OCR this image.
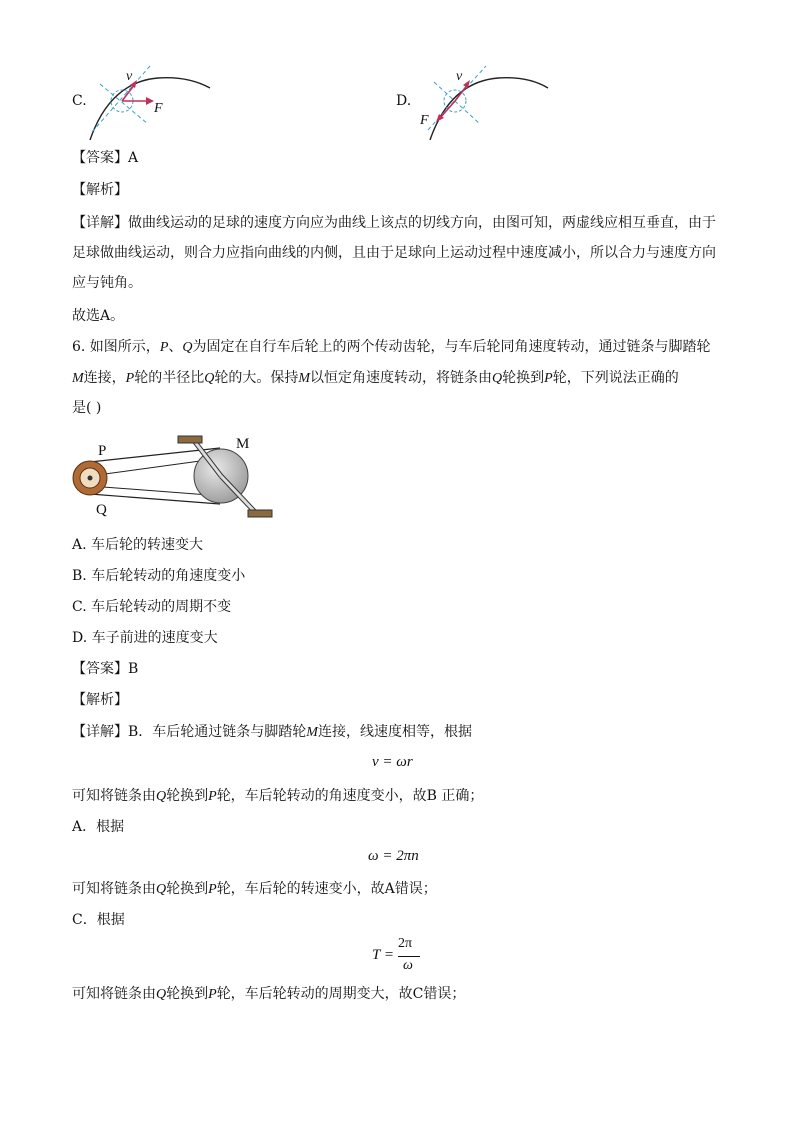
C.
v
F	D.
v
F
【答案】A
【解析】
【详解】做曲线运动的足球的速度方向应为曲线上该点的切线方向，由图可知，两虚线应相互垂直，由于
足球做曲线运动，则合力应指向曲线的内侧，且由于足球向上运动过程中速度减小，所以合力与速度方向
应与钝角。
故选A。
6. 如图所示，P、Q为固定在自行车后轮上的两个传动齿轮，与车后轮同角速度转动，通过链条与脚踏轮
M连接，P轮的半径比Q轮的大。保持M以恒定角速度转动，将链条由Q轮换到P轮，下列说法正确的
是( )
P
Q
M
A. 车后轮的转速变大
B. 车后轮转动的角速度变小
C. 车后轮转动的周期不变
D. 车子前进的速度变大
【答案】B
【解析】
【详解】B．车后轮通过链条与脚踏轮M连接，线速度相等，根据
v = ωr
可知将链条由Q轮换到P轮，车后轮转动的角速度变小，故B 正确；
A．根据
ω = 2πn
可知将链条由Q轮换到P轮，车后轮的转速变小，故A错误；
C．根据
T =
2π
ω
可知将链条由Q轮换到P轮，车后轮转动的周期变大，故C错误；
